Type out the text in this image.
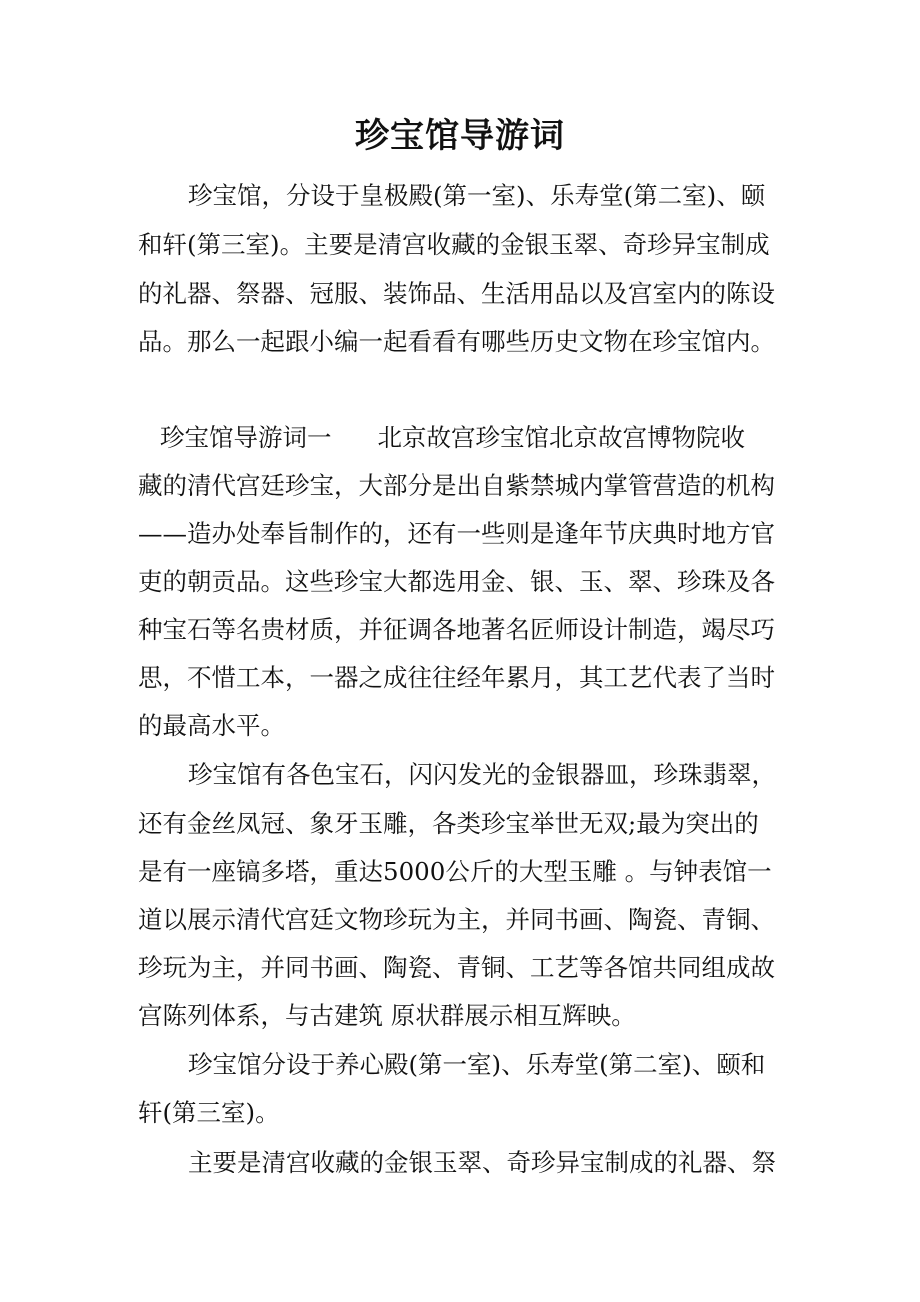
珍宝馆导游词
珍宝馆，分设于皇极殿(第一室)、乐寿堂(第二室)、颐
和轩(第三室)。主要是清宫收藏的金银玉翠、奇珍异宝制成
的礼器、祭器、冠服、装饰品、生活用品以及宫室内的陈设
品。那么一起跟小编一起看看有哪些历史文物在珍宝馆内。
珍宝馆导游词一 北京故宫珍宝馆北京故宫博物院收
藏的清代宫廷珍宝，大部分是出自紫禁城内掌管营造的机构
——造办处奉旨制作的，还有一些则是逢年节庆典时地方官
吏的朝贡品。这些珍宝大都选用金、银、玉、翠、珍珠及各
种宝石等名贵材质，并征调各地著名匠师设计制造，竭尽巧
思，不惜工本，一器之成往往经年累月，其工艺代表了当时
的最高水平。
珍宝馆有各色宝石，闪闪发光的金银器皿，珍珠翡翠，
还有金丝凤冠、象牙玉雕，各类珍宝举世无双;最为突出的
是有一座镐多塔，重达5000公斤的大型玉雕 。与钟表馆一
道以展示清代宫廷文物珍玩为主，并同书画、陶瓷、青铜、
珍玩为主，并同书画、陶瓷、青铜、工艺等各馆共同组成故
宫陈列体系，与古建筑 原状群展示相互辉映。
珍宝馆分设于养心殿(第一室)、乐寿堂(第二室)、颐和
轩(第三室)。
主要是清宫收藏的金银玉翠、奇珍异宝制成的礼器、祭
